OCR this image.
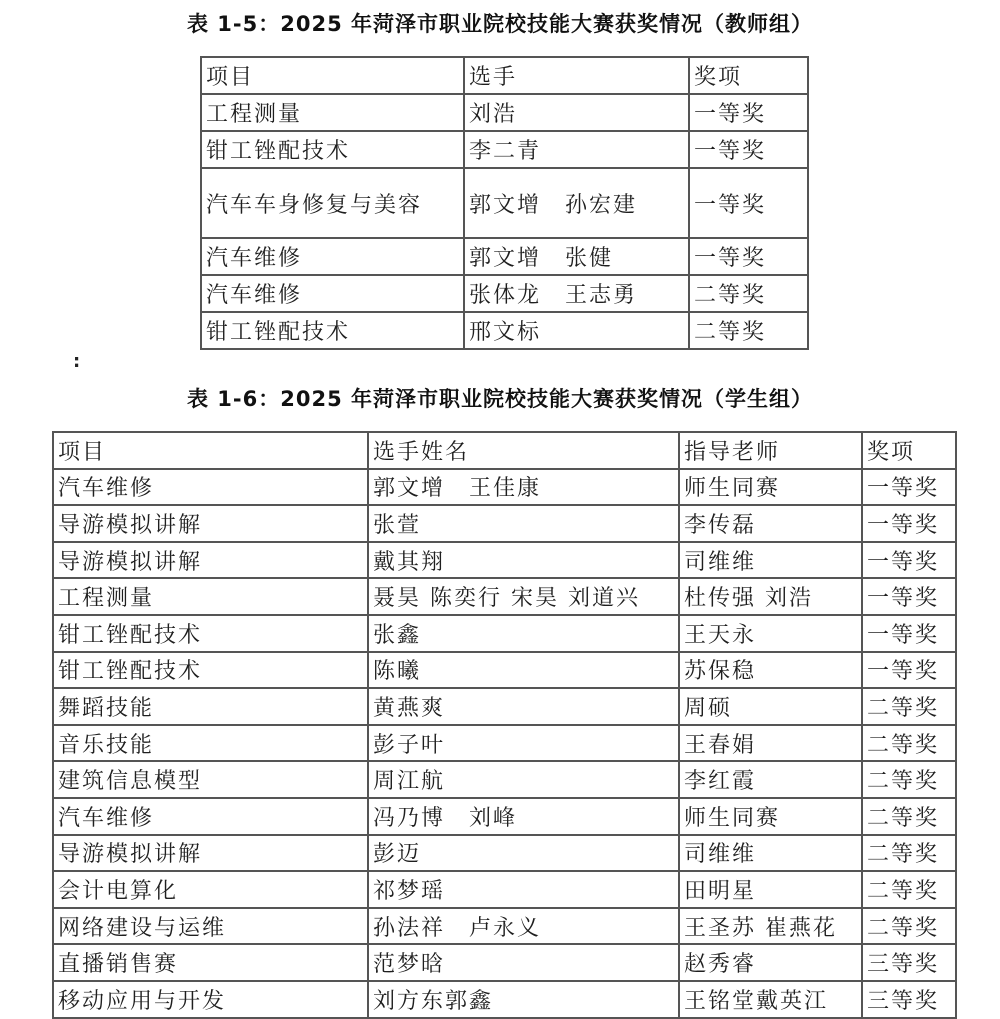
表 1-5：2025 年菏泽市职业院校技能大赛获奖情况（教师组）
项目	选手	奖项
工程测量	刘浩	一等奖
钳工锉配技术	李二青	一等奖
汽车车身修复与美容	郭文增　孙宏建	一等奖
汽车维修	郭文增　张健	一等奖
汽车维修	张体龙　王志勇	二等奖
钳工锉配技术	邢文标	二等奖
:
表 1-6：2025 年菏泽市职业院校技能大赛获奖情况（学生组）
项目	选手姓名	指导老师	奖项
汽车维修	郭文增　王佳康	师生同赛	一等奖
导游模拟讲解	张萱	李传磊	一等奖
导游模拟讲解	戴其翔	司维维	一等奖
工程测量	聂昊 陈奕行 宋昊 刘道兴	杜传强 刘浩	一等奖
钳工锉配技术	张鑫	王天永	一等奖
钳工锉配技术	陈曦	苏保稳	一等奖
舞蹈技能	黄燕爽	周硕	二等奖
音乐技能	彭子叶	王春娟	二等奖
建筑信息模型	周江航	李红霞	二等奖
汽车维修	冯乃博　刘峰	师生同赛	二等奖
导游模拟讲解	彭迈	司维维	二等奖
会计电算化	祁梦瑶	田明星	二等奖
网络建设与运维	孙法祥　卢永义	王圣苏 崔燕花	二等奖
直播销售赛	范梦晗	赵秀睿	三等奖
移动应用与开发	刘方东郭鑫	王铭堂戴英江	三等奖
